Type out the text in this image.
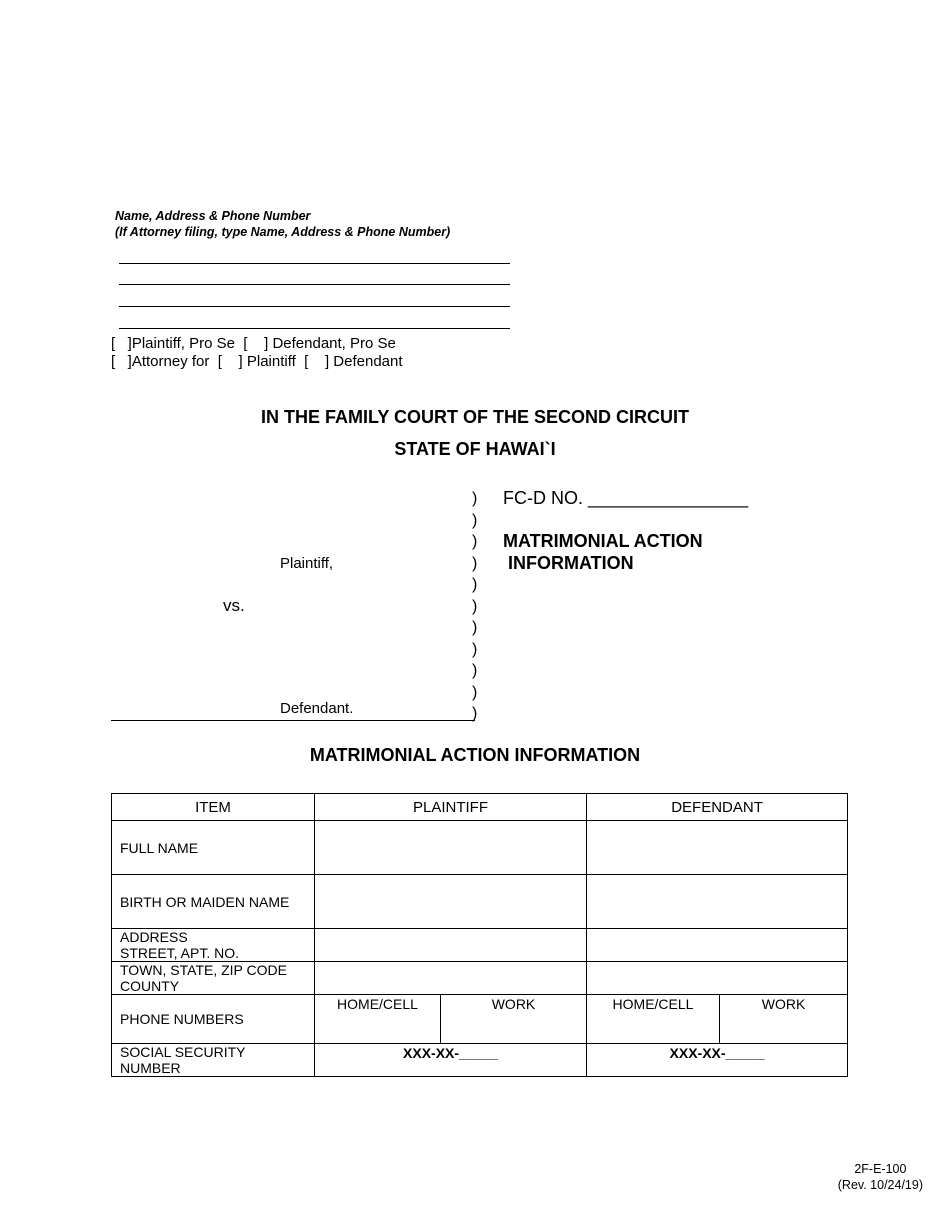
Name, Address & Phone Number
(If Attorney filing, type Name, Address & Phone Number)
[   ]Plaintiff, Pro Se  [    ] Defendant, Pro Se
[   ]Attorney for  [    ] Plaintiff  [    ] Defendant
IN THE FAMILY COURT OF THE SECOND CIRCUIT
STATE OF HAWAI`I
)
)
)
)
)
)
)
)
)
)
)
Plaintiff,
vs.
Defendant.
FC-D NO. ________________
MATRIMONIAL ACTION
INFORMATION
MATRIMONIAL ACTION INFORMATION
ITEM	PLAINTIFF		DEFENDANT	
FULL NAME				
BIRTH OR MAIDEN NAME				

ADDRESS
STREET, APT. NO.				

TOWN, STATE, ZIP CODE
COUNTY				

PHONE NUMBERS	HOME/CELL	WORK	HOME/CELL	WORK

SOCIAL SECURITY
NUMBER	XXX-XX-_____		XXX-XX-_____	
2F-E-100
(Rev. 10/24/19)
